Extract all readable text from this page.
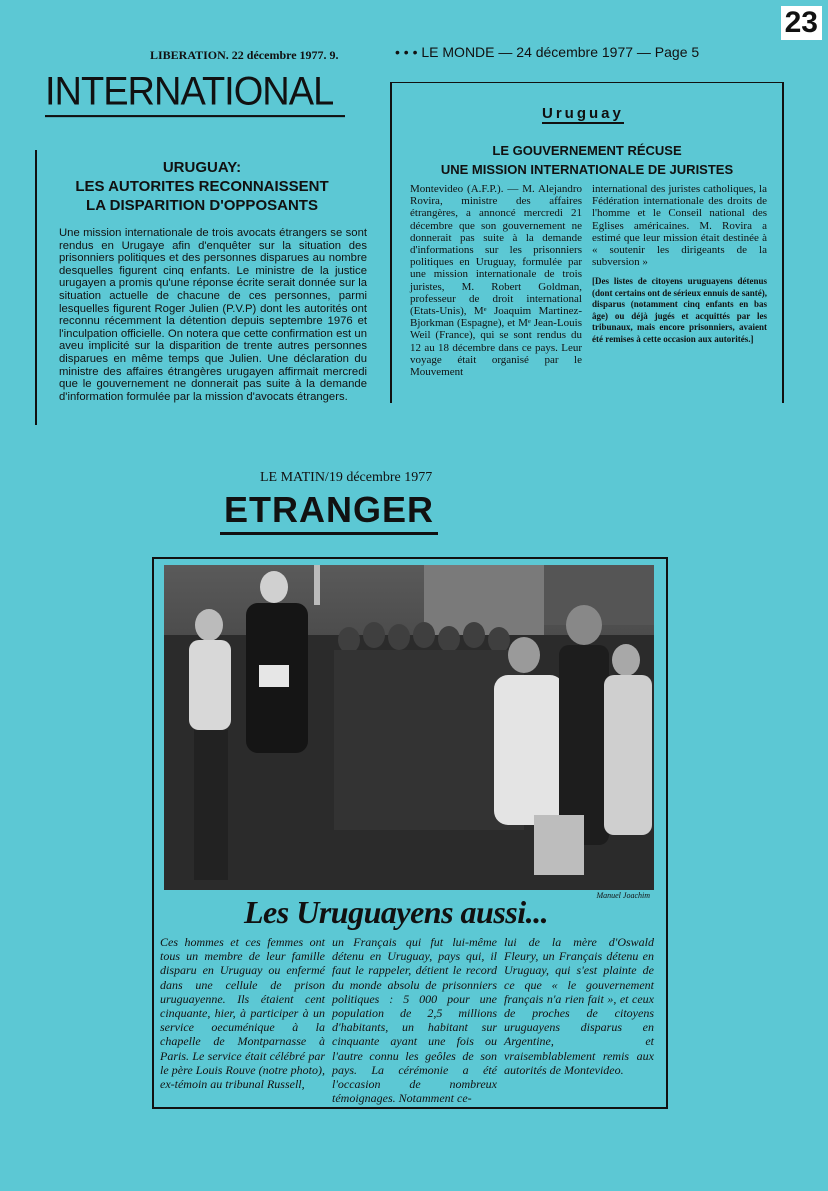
23
LIBERATION. 22 décembre 1977. 9.
INTERNATIONAL
URUGUAY:
LES AUTORITES RECONNAISSENT
LA DISPARITION D'OPPOSANTS

Une mission internationale de trois avocats étrangers se sont rendus en Urugaye afin d'enquêter sur la situation des prisonniers politiques et des personnes disparues au nombre desquelles figurent cinq enfants. Le ministre de la justice urugayen a promis qu'une réponse écrite serait donnée sur la situation actuelle de chacune de ces personnes, parmi lesquelles figurent Roger Julien (P.V.P) dont les autorités ont reconnu récemment la détention depuis septembre 1976 et l'inculpation officielle. On notera que cette confirmation est un aveu implicité sur la disparition de trente autres personnes disparues en même temps que Julien. Une déclaration du ministre des affaires étrangères urugayen affirmait mercredi que le gouvernement ne donnerait pas suite à la demande d'information formulée par la mission d'avocats étrangers.

• • • LE MONDE — 24 décembre 1977 — Page 5
Uruguay
LE GOUVERNEMENT RÉCUSE
UNE MISSION INTERNATIONALE DE JURISTES
Montevideo (A.F.P.). — M. Alejandro Rovira, ministre des affaires étrangères, a annoncé mercredi 21 décembre que son gouvernement ne donnerait pas suite à la demande d'informations sur les prisonniers politiques en Uruguay, formulée par une mission internationale de trois juristes, M. Robert Goldman, professeur de droit international (Etats-Unis), Mᵉ Joaquim Martinez-Bjorkman (Espagne), et Mᵉ Jean-Louis Weil (France), qui se sont rendus du 12 au 18 décembre dans ce pays. Leur voyage était organisé par le Mouvement
international des juristes catholiques, la Fédération internationale des droits de l'homme et le Conseil national des Eglises américaines. M. Rovira a estimé que leur mission était destinée à « soutenir les dirigeants de la subversion »
[Des listes de citoyens uruguayens détenus (dont certains ont de sérieux ennuis de santé), disparus (notamment cinq enfants en bas âge) ou déjà jugés et acquittés par les tribunaux, mais encore prisonniers, avaient été remises à cette occasion aux autorités.]
LE MATIN/19 décembre 1977
ETRANGER
Manuel Joachim
Les Uruguayens aussi...
Ces hommes et ces femmes ont tous un membre de leur famille disparu en Uruguay ou enfermé dans une cellule de prison uruguayenne. Ils étaient cent cinquante, hier, à participer à un service oecuménique à la chapelle de Montparnasse à Paris. Le service était célébré par le père Louis Rouve (notre photo), ex-témoin au tribunal Russell,
un Français qui fut lui-même détenu en Uruguay, pays qui, il faut le rappeler, détient le record du monde absolu de prisonniers politiques : 5 000 pour une population de 2,5 millions d'habitants, un habitant sur cinquante ayant une fois ou l'autre connu les geôles de son pays. La cérémonie a été l'occasion de nombreux témoignages. Notamment ce-
lui de la mère d'Oswald Fleury, un Français détenu en Uruguay, qui s'est plainte de ce que « le gouvernement français n'a rien fait », et ceux de proches de citoyens uruguayens disparus en Argentine, et vraisemblablement remis aux autorités de Montevideo.
